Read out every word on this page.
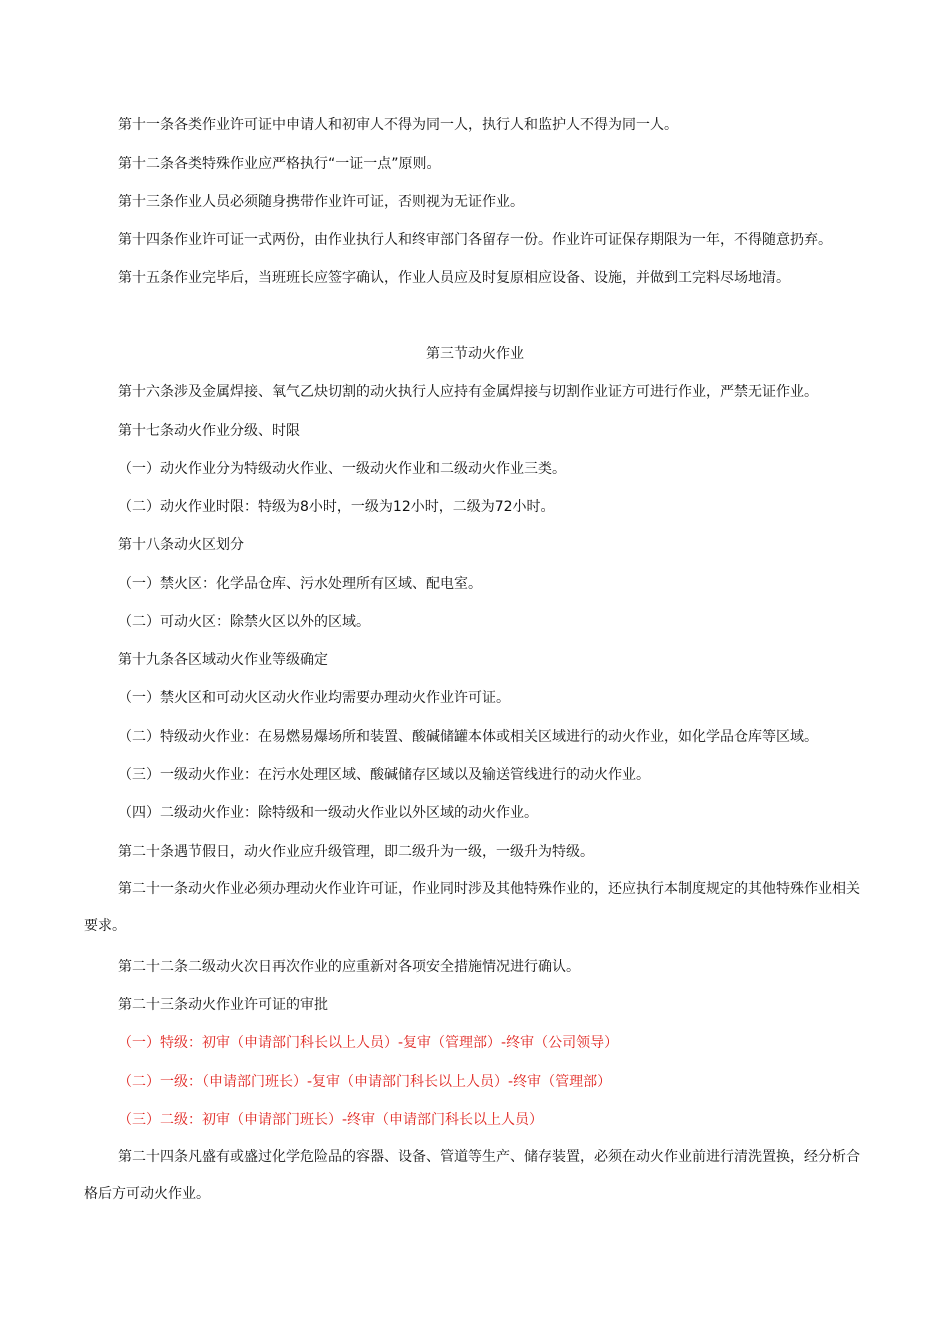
第十一条各类作业许可证中申请人和初审人不得为同一人，执行人和监护人不得为同一人。
第十二条各类特殊作业应严格执行“一证一点”原则。
第十三条作业人员必须随身携带作业许可证，否则视为无证作业。
第十四条作业许可证一式两份，由作业执行人和终审部门各留存一份。作业许可证保存期限为一年，不得随意扔弃。
第十五条作业完毕后，当班班长应签字确认，作业人员应及时复原相应设备、设施，并做到工完料尽场地清。
第三节动火作业
第十六条涉及金属焊接、氧气乙炔切割的动火执行人应持有金属焊接与切割作业证方可进行作业，严禁无证作业。
第十七条动火作业分级、时限
（一）动火作业分为特级动火作业、一级动火作业和二级动火作业三类。
（二）动火作业时限：特级为8小时，一级为12小时，二级为72小时。
第十八条动火区划分
（一）禁火区：化学品仓库、污水处理所有区域、配电室。
（二）可动火区：除禁火区以外的区域。
第十九条各区域动火作业等级确定
（一）禁火区和可动火区动火作业均需要办理动火作业许可证。
（二）特级动火作业：在易燃易爆场所和装置、酸碱储罐本体或相关区域进行的动火作业，如化学品仓库等区域。
（三）一级动火作业：在污水处理区域、酸碱储存区域以及输送管线进行的动火作业。
（四）二级动火作业：除特级和一级动火作业以外区域的动火作业。
第二十条遇节假日，动火作业应升级管理，即二级升为一级，一级升为特级。
第二十一条动火作业必须办理动火作业许可证，作业同时涉及其他特殊作业的，还应执行本制度规定的其他特殊作业相关要求。
第二十二条二级动火次日再次作业的应重新对各项安全措施情况进行确认。
第二十三条动火作业许可证的审批
（一）特级：初审（申请部门科长以上人员）-复审（管理部）-终审（公司领导）
（二）一级：（申请部门班长）-复审（申请部门科长以上人员）-终审（管理部）
（三）二级：初审（申请部门班长）-终审（申请部门科长以上人员）
第二十四条凡盛有或盛过化学危险品的容器、设备、管道等生产、储存装置，必须在动火作业前进行清洗置换，经分析合格后方可动火作业。
